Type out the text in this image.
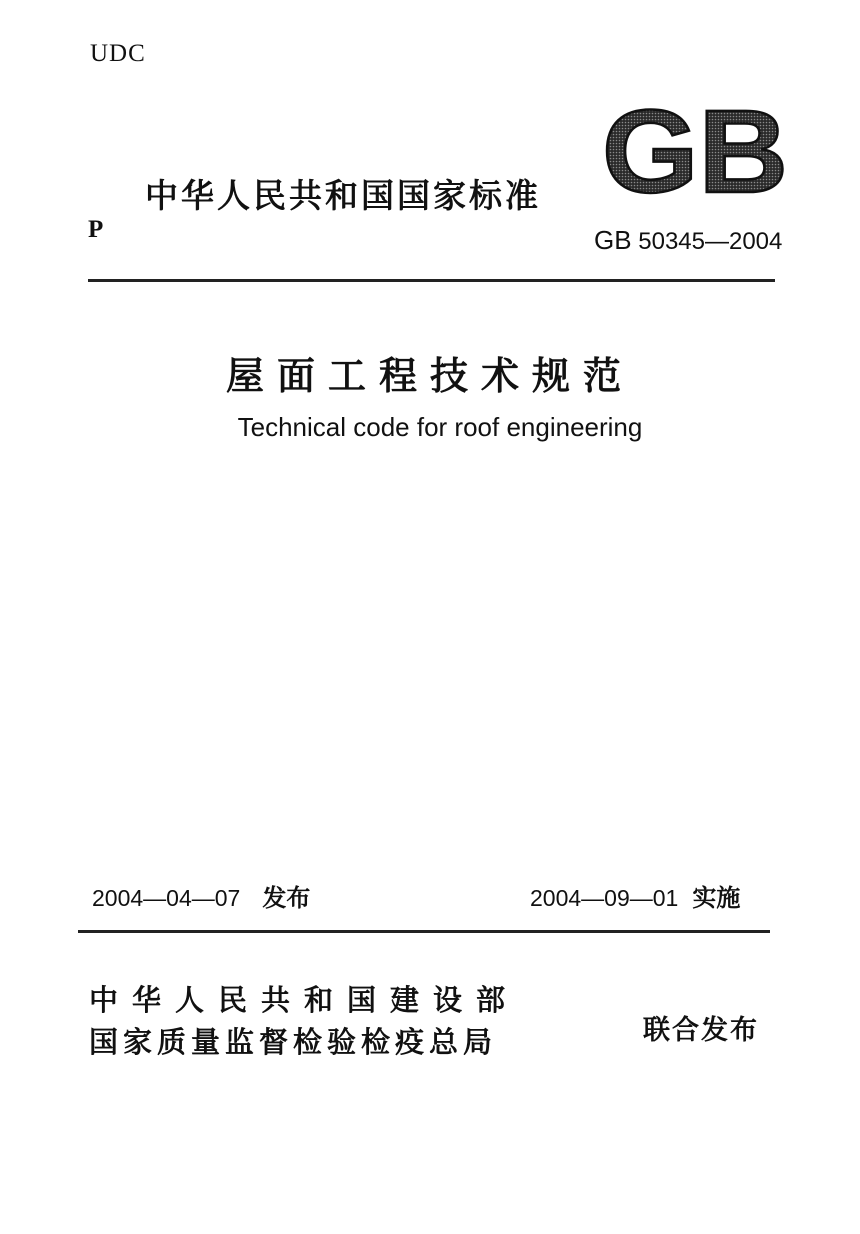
UDC
中华人民共和国国家标准 GB
P	GB 50345—2004
屋面工程技术规范
Technical code for roof engineering
2004—04—07 发布	2004—09—01 实施
中华人民共和国建设部
国家质量监督检验检疫总局	联合发布
